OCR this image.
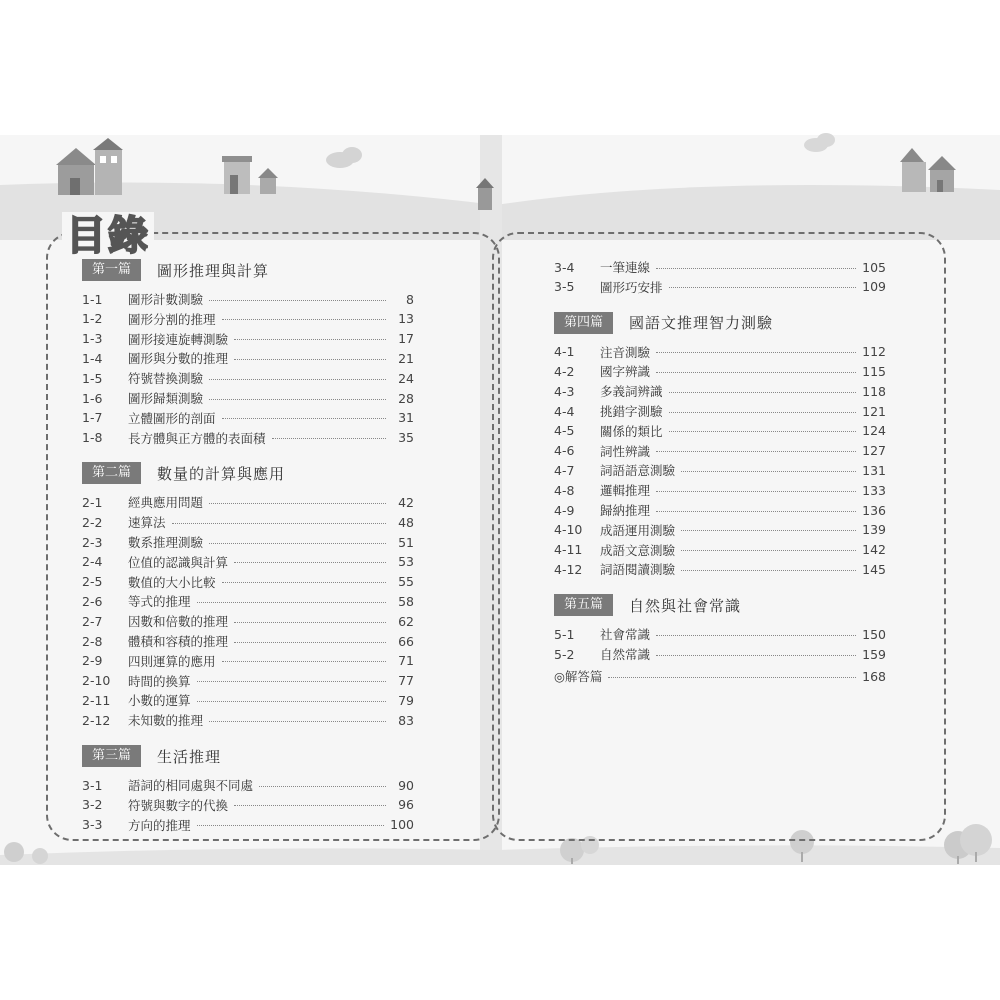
目錄
第一篇	圖形推理與計算
1-1	圖形計數測驗	8
1-2	圖形分割的推理	13
1-3	圖形接連旋轉測驗	17
1-4	圖形與分數的推理	21
1-5	符號替換測驗	24
1-6	圖形歸類測驗	28
1-7	立體圖形的剖面	31
1-8	長方體與正方體的表面積	35
第二篇	數量的計算與應用
2-1	經典應用問題	42
2-2	速算法	48
2-3	數系推理測驗	51
2-4	位值的認識與計算	53
2-5	數值的大小比較	55
2-6	等式的推理	58
2-7	因數和倍數的推理	62
2-8	體積和容積的推理	66
2-9	四則運算的應用	71
2-10	時間的換算	77
2-11	小數的運算	79
2-12	未知數的推理	83
第三篇	生活推理
3-1	語詞的相同處與不同處	90
3-2	符號與數字的代換	96
3-3	方向的推理	100
3-4	一筆連線	105
3-5	圖形巧安排	109
第四篇	國語文推理智力測驗
4-1	注音測驗	112
4-2	國字辨識	115
4-3	多義詞辨識	118
4-4	挑錯字測驗	121
4-5	關係的類比	124
4-6	詞性辨識	127
4-7	詞語語意測驗	131
4-8	邏輯推理	133
4-9	歸納推理	136
4-10	成語運用測驗	139
4-11	成語文意測驗	142
4-12	詞語閱讀測驗	145
第五篇	自然與社會常識
5-1	社會常識	150
5-2	自然常識	159
◎解答篇	168
